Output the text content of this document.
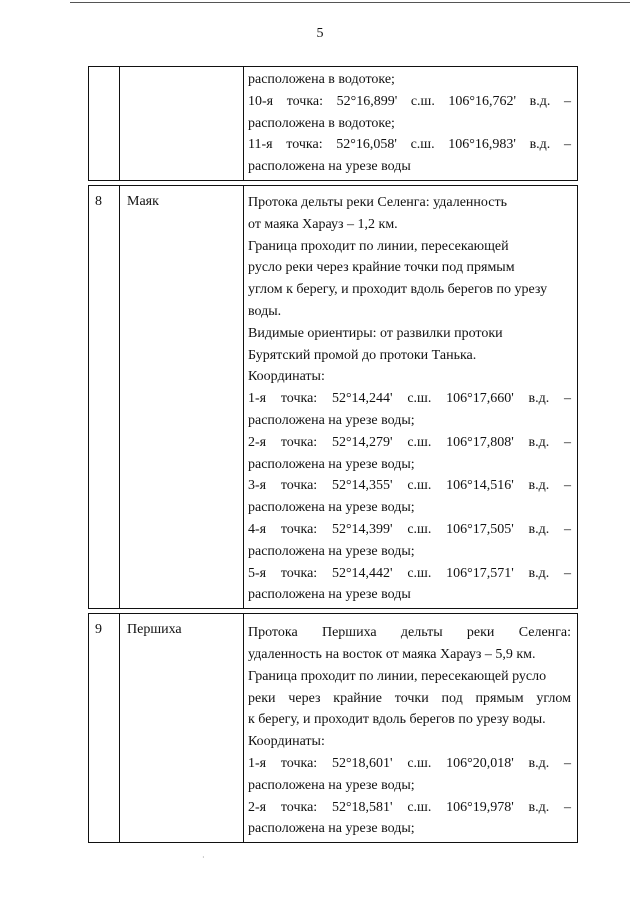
5
расположена в водотоке;
10-я точка: 52°16,899' с.ш. 106°16,762' в.д. –
расположена в водотоке;
11-я точка: 52°16,058' с.ш. 106°16,983' в.д. –
расположена на урезе воды
8 Маяк	Протока дельты реки Селенга: удаленность
от маяка Харауз – 1,2 км.
Граница проходит по линии, пересекающей
русло реки через крайние точки под прямым
углом к берегу, и проходит вдоль берегов по урезу
воды.
Видимые ориентиры: от развилки протоки
Бурятский промой до протоки Танька.
Координаты:
1-я точка: 52°14,244' с.ш. 106°17,660' в.д. –
расположена на урезе воды;
2-я точка: 52°14,279' с.ш. 106°17,808' в.д. –
расположена на урезе воды;
3-я точка: 52°14,355' с.ш. 106°14,516' в.д. –
расположена на урезе воды;
4-я точка: 52°14,399' с.ш. 106°17,505' в.д. –
расположена на урезе воды;
5-я точка: 52°14,442' с.ш. 106°17,571' в.д. –
расположена на урезе воды
9 Першиха	Протока Першиха дельты реки Селенга:
удаленность на восток от маяка Харауз – 5,9 км.
Граница проходит по линии, пересекающей русло
реки через крайние точки под прямым углом
к берегу, и проходит вдоль берегов по урезу воды.
Координаты:
1-я точка: 52°18,601' с.ш. 106°20,018' в.д. –
расположена на урезе воды;
2-я точка: 52°18,581' с.ш. 106°19,978' в.д. –
расположена на урезе воды;
·
